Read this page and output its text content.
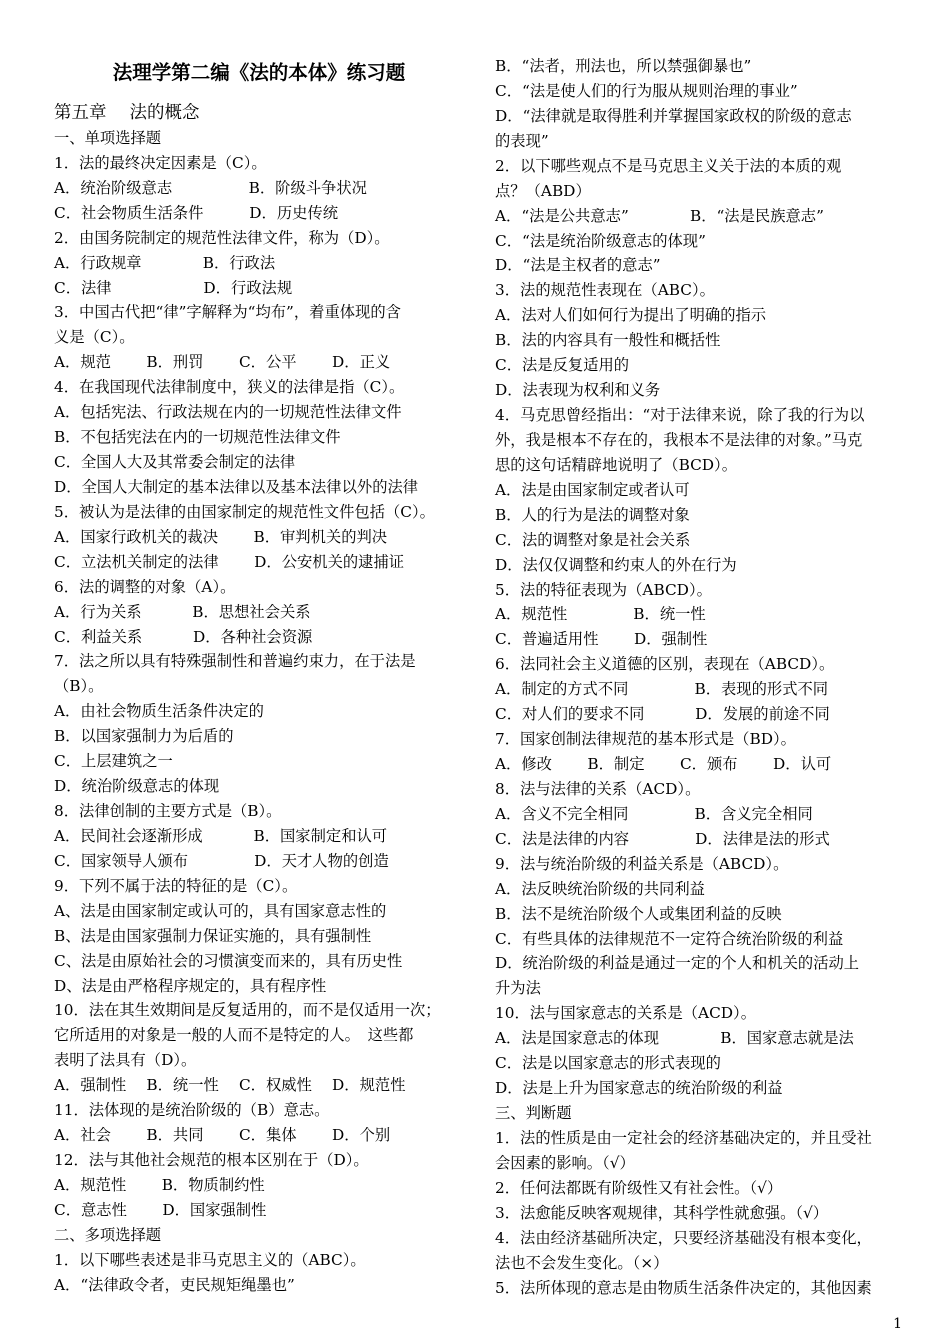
法理学第二编《法的本体》练习题
第五章　 法的概念
一、单项选择题
1．法的最终决定因素是（C）。
A．统治阶级意志　　　　　B．阶级斗争状况
C．社会物质生活条件　　　D．历史传统
2．由国务院制定的规范性法律文件，称为（D）。
A．行政规章　　　　B．行政法
C．法律　　　　　　D．行政法规
3．中国古代把“律”字解释为“均布”，着重体现的含
义是（C）。
A．规范　　 B．刑罚　　 C．公平　　 D．正义
4．在我国现代法律制度中，狭义的法律是指（C）。
A．包括宪法、行政法规在内的一切规范性法律文件
B．不包括宪法在内的一切规范性法律文件
C．全国人大及其常委会制定的法律
D．全国人大制定的基本法律以及基本法律以外的法律
5．被认为是法律的由国家制定的规范性文件包括（C）。
A．国家行政机关的裁决　　 B．审判机关的判决
C．立法机关制定的法律　　 D．公安机关的逮捕证
6．法的调整的对象（A）。
A．行为关系　　　 B．思想社会关系
C．利益关系　　　 D．各种社会资源
7．法之所以具有特殊强制性和普遍约束力，在于法是
（B）。
A．由社会物质生活条件决定的
B．以国家强制力为后盾的
C．上层建筑之一
D．统治阶级意志的体现
8．法律创制的主要方式是（B）。
A．民间社会逐渐形成　　　 B．国家制定和认可
C．国家领导人颁布　　　　 D．天才人物的创造
9．下列不属于法的特征的是（C）。
A、法是由国家制定或认可的，具有国家意志性的
B、法是由国家强制力保证实施的，具有强制性
C、法是由原始社会的习惯演变而来的，具有历史性
D、法是由严格程序规定的，具有程序性
10．法在其生效期间是反复适用的，而不是仅适用一次；
它所适用的对象是一般的人而不是特定的人。　这些都
表明了法具有（D）。
A．强制性　 B．统一性　 C．权威性　 D．规范性
11．法体现的是统治阶级的（B）意志。
A．社会　　 B．共同　　 C．集体　　 D．个别
12．法与其他社会规范的根本区别在于（D）。
A．规范性　　 B．物质制约性
C．意志性　　 D．国家强制性
二、多项选择题
1．以下哪些表述是非马克思主义的（ABC）。
A．“法律政令者，吏民规矩绳墨也”
B．“法者，刑法也，所以禁强御暴也”
C．“法是使人们的行为服从规则治理的事业”
D．“法律就是取得胜利并掌握国家政权的阶级的意志
的表现”
2．以下哪些观点不是马克思主义关于法的本质的观
点？（ABD）
A．“法是公共意志”　　　　B．“法是民族意志”
C．“法是统治阶级意志的体现”
D．“法是主权者的意志”
3．法的规范性表现在（ABC）。
A．法对人们如何行为提出了明确的指示
B．法的内容具有一般性和概括性
C．法是反复适用的
D．法表现为权利和义务
4．马克思曾经指出：“对于法律来说，除了我的行为以
外，我是根本不存在的，我根本不是法律的对象。”马克
思的这句话精辟地说明了（BCD）。
A．法是由国家制定或者认可
B．人的行为是法的调整对象
C．法的调整对象是社会关系
D．法仅仅调整和约束人的外在行为
5．法的特征表现为（ABCD）。
A．规范性　　　　 B．统一性
C．普遍适用性　　 D．强制性
6．法同社会主义道德的区别，表现在（ABCD）。
A．制定的方式不同　　　　 B．表现的形式不同
C．对人们的要求不同　　　 D．发展的前途不同
7．国家创制法律规范的基本形式是（BD）。
A．修改　　 B．制定　　 C．颁布　　 D．认可
8．法与法律的关系（ACD）。
A．含义不完全相同　　　　 B．含义完全相同
C．法是法律的内容　　　　 D．法律是法的形式
9．法与统治阶级的利益关系是（ABCD）。
A．法反映统治阶级的共同利益
B．法不是统治阶级个人或集团利益的反映
C．有些具体的法律规范不一定符合统治阶级的利益
D．统治阶级的利益是通过一定的个人和机关的活动上
升为法
10．法与国家意志的关系是（ACD）。
A．法是国家意志的体现　　　　B．国家意志就是法
C．法是以国家意志的形式表现的
D．法是上升为国家意志的统治阶级的利益
三、判断题
1．法的性质是由一定社会的经济基础决定的，并且受社
会因素的影响。（√）
2．任何法都既有阶级性又有社会性。（√）
3．法愈能反映客观规律，其科学性就愈强。（√）
4．法由经济基础所决定，只要经济基础没有根本变化，
法也不会发生变化。（×）
5．法所体现的意志是由物质生活条件决定的，其他因素
1
